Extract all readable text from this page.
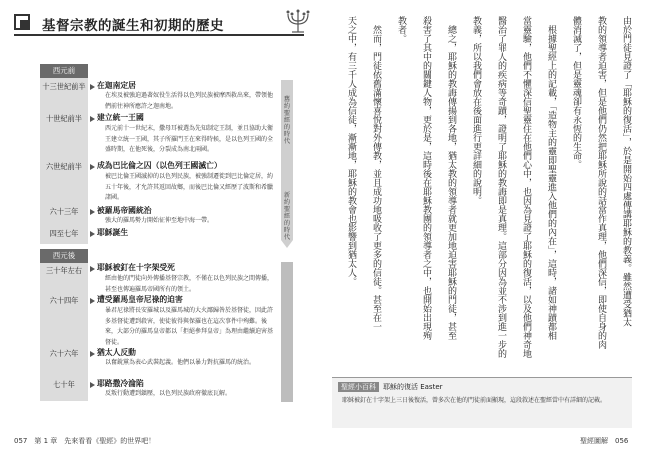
基督宗教的誕生和初期的歷史
西元前
十三世紀前半	在迦南定居
在埃及被強迫過著奴役生活得以色列民族被摩西救出來，帶領他們前往神所應許之迦南地。
十世紀前半	建立統一王國
西元前十一世紀末，撒母耳被選為先知制定王制，並且協助大衛王建立統一王國，其子所羅門王在來得時候，是以色列王國的全盛時期，在他死後，分裂成為南北兩國。
六世紀前半	成為巴比倫之囚（以色列王國滅亡）
被巴比倫王國滅掉的以色列民族，被強制遷徙到巴比倫定居，約五十年後，才允許其返回故鄉，而後巴比倫又經歷了波斯和希臘諸國。
六十三年	被羅馬帝國統治
強大的羅馬勢力開始征伸至地中海一帶。
四至七年	耶穌誕生
西元後
三十年左右	耶穌被釘在十字架受死
經由他的門徒向外傳播基督宗教，不僅在以色列民族之間傳播，甚至也傳遍羅馬帝國所有的領土。
六十四年	遭受羅馬皇帝尼祿的迫害
暴君尼祿將長安羅城以及羅馬城的大火鄙歸咎於基督徒，因此許多基督徒遭到殺害，使徒彼得與保羅也在這次事件中殉難。後來，大部分的羅馬皇帝都以「拒絕參拜皇帝」為理由繼續迫害基督徒。
六十六年	猶太人反動
以奮銳黨為表心武裝起義。他們以暴力對抗羅馬的統治。
七十年	耶路撒冷淪陷
反叛行動遭到鎮壓，以色列民族政府徹底瓦解。
舊約聖經的時代
新約聖經的時代	由於門徒見證了「耶穌的復活」，於是開始四處傳講耶穌的教義。雖然遭受猶太
教的領導者迫害，但是他們仍然把耶穌所說的話當作真理，他們深信，即使自身的肉
體消滅了，但是靈魂卻有永恆的生命。
　根據聖經上的記載，「造物主的靈即聖靈進入他們的內在」，這時，諸如神蹟都相
當靈驗，他們不懼深信聖靈住在他們心中，也因為見證了耶穌的復活，以及他們神奇地
醫治了罪人的疾病等奇蹟，證明了耶穌的教誨即是真理。這部分因為並不涉到進一步的
教義，所以我們會放在後面進行更詳細的說明。
　總之，耶穌的教誨傳揚到各地，猶太教的領導者就更加地迫害耶穌的門徒，甚至
殺害了其中的關鍵人物，更於是，這時後在耶穌教團的領導者之中，也開始出現殉
教者。
　然而，門徒依舊滿懷喜悅對外傳教，並且成功地吸收了更多的信徒。甚至在一
天之中，有三千人成為信徒，漸漸地，耶穌的教會也影響到猶太人。
聖經小百科 耶穌的復活 Easter
耶穌被釘在十字架上三日後復活，曾多次在他的門徒前面顯現，這段敘述在聖經當中有詳細的記載。
057　第 1 章　先來看看《聖經》的世界吧！	聖經圖解　056
